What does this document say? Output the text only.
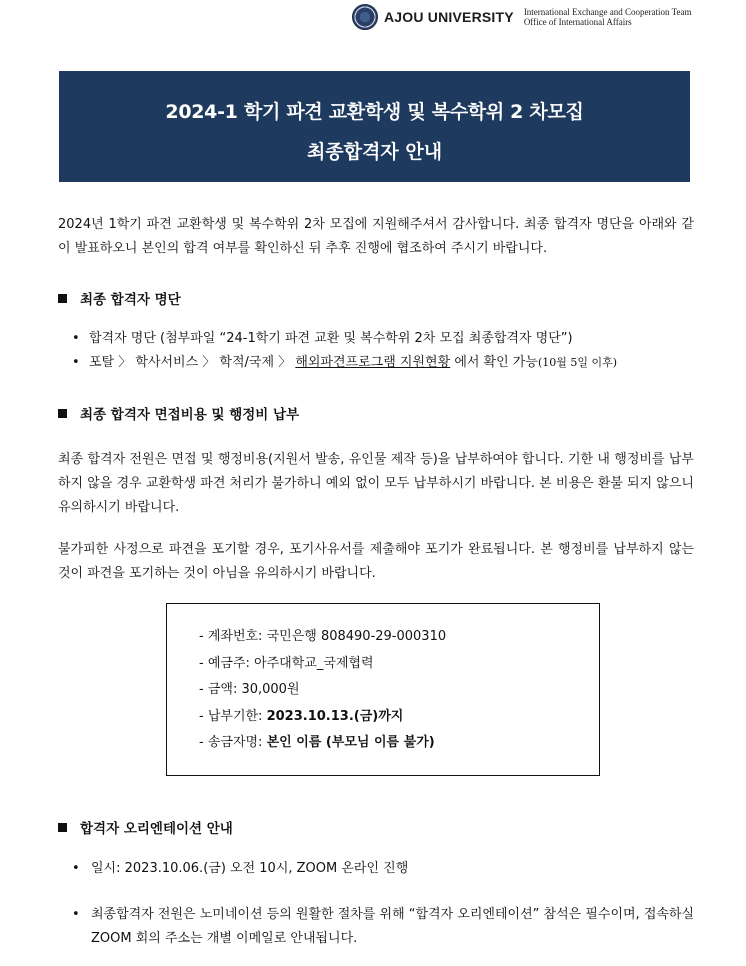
AJOU UNIVERSITY International Exchange and Cooperation Team
Office of International Affairs
2024-1 학기 파견 교환학생 및 복수학위 2 차모집
최종합격자 안내
2024년 1학기 파견 교환학생 및 복수학위 2차 모집에 지원해주셔서 감사합니다. 최종 합격자 명단을 아래와 같이 발표하오니 본인의 합격 여부를 확인하신 뒤 추후 진행에 협조하여 주시기 바랍니다.
최종 합격자 명단
• 합격자 명단 (첨부파일 “24-1학기 파견 교환 및 복수학위 2차 모집 최종합격자 명단”)
• 포탈 〉 학사서비스 〉 학적/국제 〉 해외파견프로그램 지원현황 에서 확인 가능(10월 5일 이후)
최종 합격자 면접비용 및 행정비 납부
최종 합격자 전원은 면접 및 행정비용(지원서 발송, 유인물 제작 등)을 납부하여야 합니다. 기한 내 행정비를 납부하지 않을 경우 교환학생 파견 처리가 불가하니 예외 없이 모두 납부하시기 바랍니다. 본 비용은 환불 되지 않으니 유의하시기 바랍니다.
불가피한 사정으로 파견을 포기할 경우, 포기사유서를 제출해야 포기가 완료됩니다. 본 행정비를 납부하지 않는 것이 파견을 포기하는 것이 아님을 유의하시기 바랍니다.
- 계좌번호: 국민은행 808490-29-000310
- 예금주: 아주대학교_국제협력
- 금액: 30,000원
- 납부기한: 2023.10.13.(금)까지
- 송금자명: 본인 이름 (부모님 이름 불가)
합격자 오리엔테이션 안내
• 일시: 2023.10.06.(금) 오전 10시, ZOOM 온라인 진행
• 최종합격자 전원은 노미네이션 등의 원활한 절차를 위해 “합격자 오리엔테이션” 참석은 필수이며, 접속하실 ZOOM 회의 주소는 개별 이메일로 안내됩니다.
